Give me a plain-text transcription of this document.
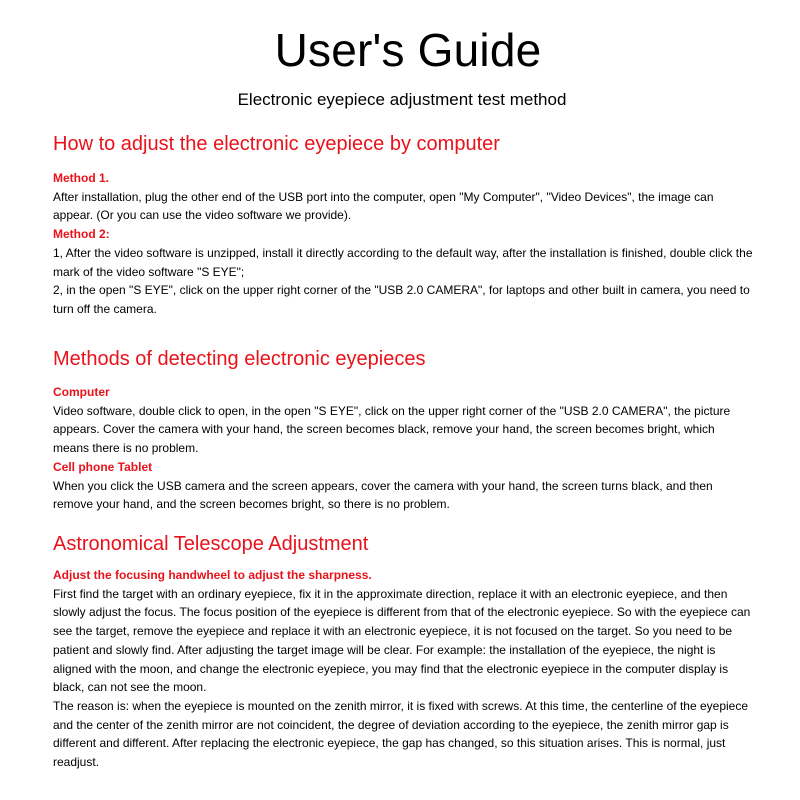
User's Guide
Electronic eyepiece adjustment test method
How to adjust the electronic eyepiece by computer

Method 1.

After installation, plug the other end of the USB port into the computer, open "My Computer", "Video Devices", the image can appear. (Or you can use the video software we provide).

Method 2:

1, After the video software is unzipped, install it directly according to the default way, after the installation is finished, double click the mark of the video software "S EYE";

2, in the open "S EYE", click on the upper right corner of the "USB 2.0 CAMERA", for laptops and other built in camera, you need to turn off the camera.

Methods of detecting electronic eyepieces

Computer

Video software, double click to open, in the open "S EYE", click on the upper right corner of the "USB 2.0 CAMERA", the picture appears. Cover the camera with your hand, the screen becomes black, remove your hand, the screen becomes bright, which means there is no problem.

Cell phone Tablet

When you click the USB camera and the screen appears, cover the camera with your hand, the screen turns black, and then remove your hand, and the screen becomes bright, so there is no problem.

Astronomical Telescope Adjustment

Adjust the focusing handwheel to adjust the sharpness.

First find the target with an ordinary eyepiece, fix it in the approximate direction, replace it with an electronic eyepiece, and then slowly adjust the focus. The focus position of the eyepiece is different from that of the electronic eyepiece. So with the eyepiece can see the target, remove the eyepiece and replace it with an electronic eyepiece, it is not focused on the target. So you need to be patient and slowly find. After adjusting the target image will be clear. For example: the installation of the eyepiece, the night is aligned with the moon, and change the electronic eyepiece, you may find that the electronic eyepiece in the computer display is black, can not see the moon.

The reason is: when the eyepiece is mounted on the zenith mirror, it is fixed with screws. At this time, the centerline of the eyepiece and the center of the zenith mirror are not coincident, the degree of deviation according to the eyepiece, the zenith mirror gap is different and different. After replacing the electronic eyepiece, the gap has changed, so this situation arises. This is normal, just readjust.
